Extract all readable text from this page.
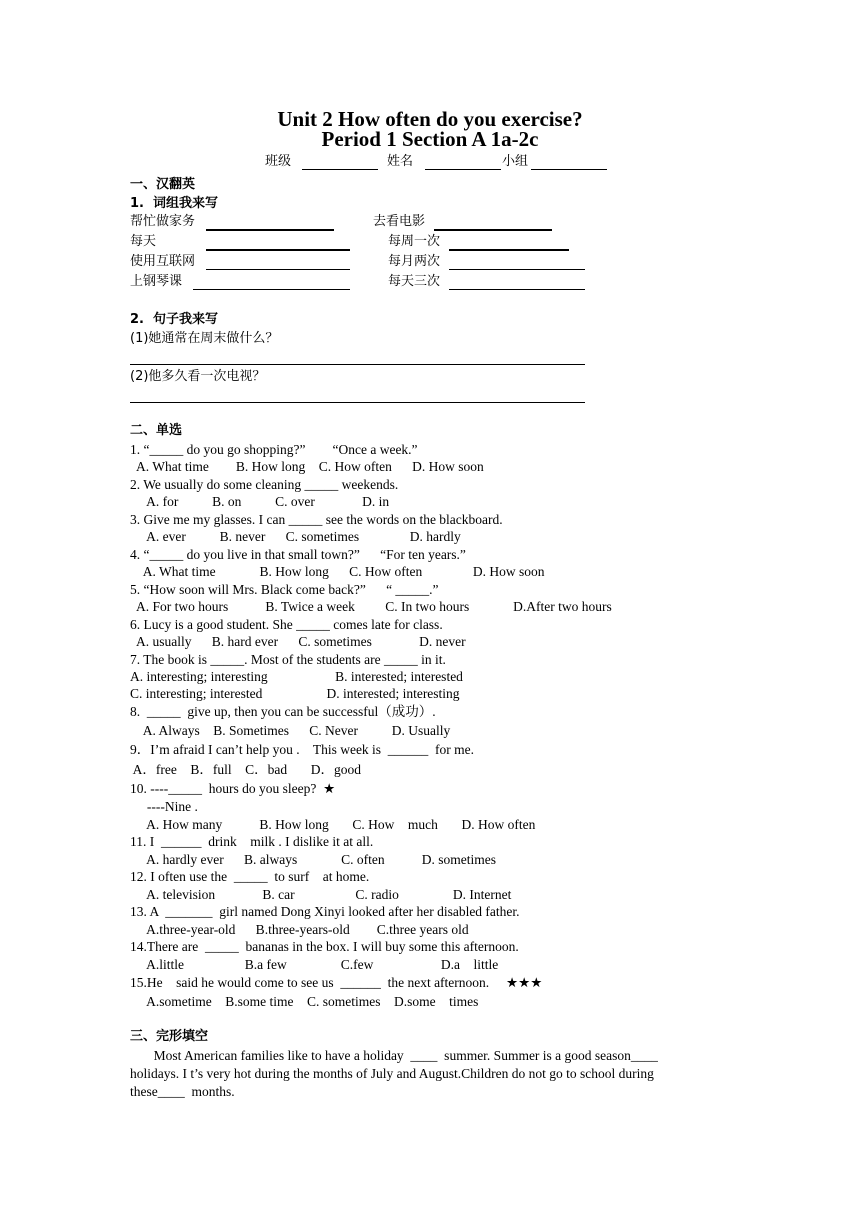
Unit 2 How often do you exercise?
Period 1 Section A 1a-2c
班级	姓名	小组
一、汉翻英
1.  词组我来写
帮忙做家务	去看电影
每天	每周一次
使用互联网	每月两次
上钢琴课	每天三次
2.  句子我来写
(1)她通常在周末做什么？
(2)他多久看一次电视？
二、单选
1. “_____ do you go shopping?”        “Once a week.”
A. What time        B. How long    C. How often      D. How soon
2. We usually do some cleaning _____ weekends.
A. for          B. on          C. over              D. in
3. Give me my glasses. I can _____ see the words on the blackboard.
A. ever          B. never      C. sometimes               D. hardly
4. “_____ do you live in that small town?”      “For ten years.”
A. What time             B. How long      C. How often               D. How soon
5. “How soon will Mrs. Black come back?”      “ _____.”
A. For two hours           B. Twice a week         C. In two hours             D.After two hours
6. Lucy is a good student. She _____ comes late for class.
A. usually      B. hard ever      C. sometimes              D. never
7. The book is _____. Most of the students are _____ in it.
A. interesting; interesting                    B. interested; interested
C. interesting; interested                   D. interested; interesting
8.  _____  give up, then you can be successful（成功）.
A. Always    B. Sometimes      C. Never          D. Usually
9．I’m afraid I can’t help you .    This week is  ______  for me.
A．free    B．full    C．bad       D．good
10. ----_____  hours do you sleep?  ★
----Nine .
A. How many           B. How long       C. How    much       D. How often
11. I  ______  drink    milk . I dislike it at all.
A. hardly ever      B. always             C. often           D. sometimes
12. I often use the  _____  to surf    at home.
A. television              B. car                  C. radio                D. Internet
13. A  _______  girl named Dong Xinyi looked after her disabled father.
A.three-year-old      B.three-years-old        C.three years old
14.There are  _____  bananas in the box. I will buy some this afternoon.
A.little                  B.a few                C.few                    D.a    little
15.He    said he would come to see us  ______  the next afternoon.     ★★★
A.sometime    B.some time    C. sometimes    D.some    times
三、完形填空
Most American families like to have a holiday  ____  summer. Summer is a good season____
holidays. I t’s very hot during the months of July and August.Children do not go to school during
these____  months.
